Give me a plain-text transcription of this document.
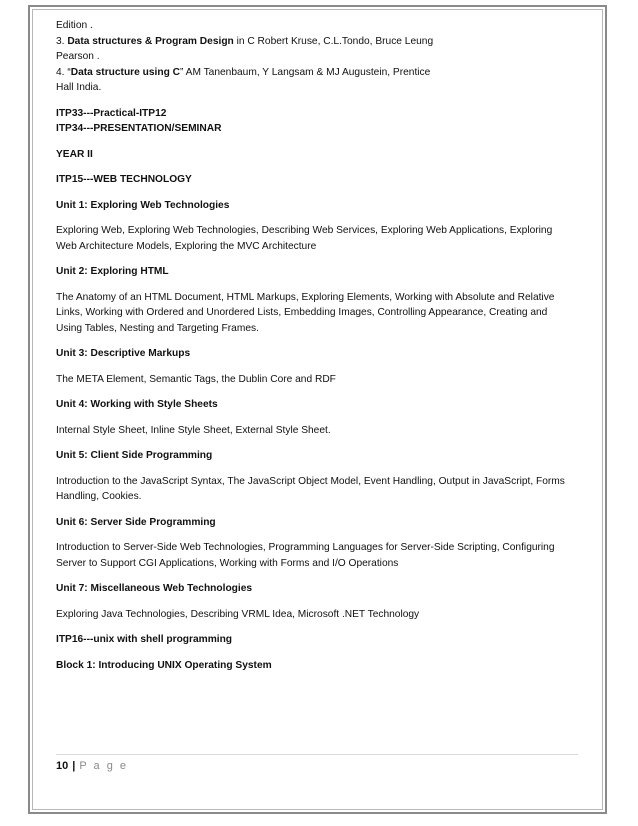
Edition .

3. Data structures & Program Design in C Robert Kruse, C.L.Tondo, Bruce Leung

Pearson .

4. “Data structure using C” AM Tanenbaum, Y Langsam & MJ Augustein, Prentice

Hall India.

ITP33---Practical-ITP12

ITP34---PRESENTATION/SEMINAR

YEAR II

ITP15---WEB TECHNOLOGY

Unit 1: Exploring Web Technologies

Exploring Web, Exploring Web Technologies, Describing Web Services, Exploring Web Applications, Exploring

Web Architecture Models, Exploring the MVC Architecture

Unit 2: Exploring HTML

The Anatomy of an HTML Document, HTML Markups, Exploring Elements, Working with Absolute and Relative

Links, Working with Ordered and Unordered Lists, Embedding Images, Controlling Appearance, Creating and

Using Tables, Nesting and Targeting Frames.

Unit 3: Descriptive Markups

The META Element, Semantic Tags, the Dublin Core and RDF

Unit 4: Working with Style Sheets

Internal Style Sheet, Inline Style Sheet, External Style Sheet.

Unit 5: Client Side Programming

Introduction to the JavaScript Syntax, The JavaScript Object Model, Event Handling, Output in JavaScript, Forms

Handling, Cookies.

Unit 6: Server Side Programming

Introduction to Server-Side Web Technologies, Programming Languages for Server-Side Scripting, Configuring

Server to Support CGI Applications, Working with Forms and I/O Operations

Unit 7: Miscellaneous Web Technologies

Exploring Java Technologies, Describing VRML Idea, Microsoft .NET Technology

ITP16---unix with shell programming

Block 1: Introducing UNIX Operating System

10 | P a g e
